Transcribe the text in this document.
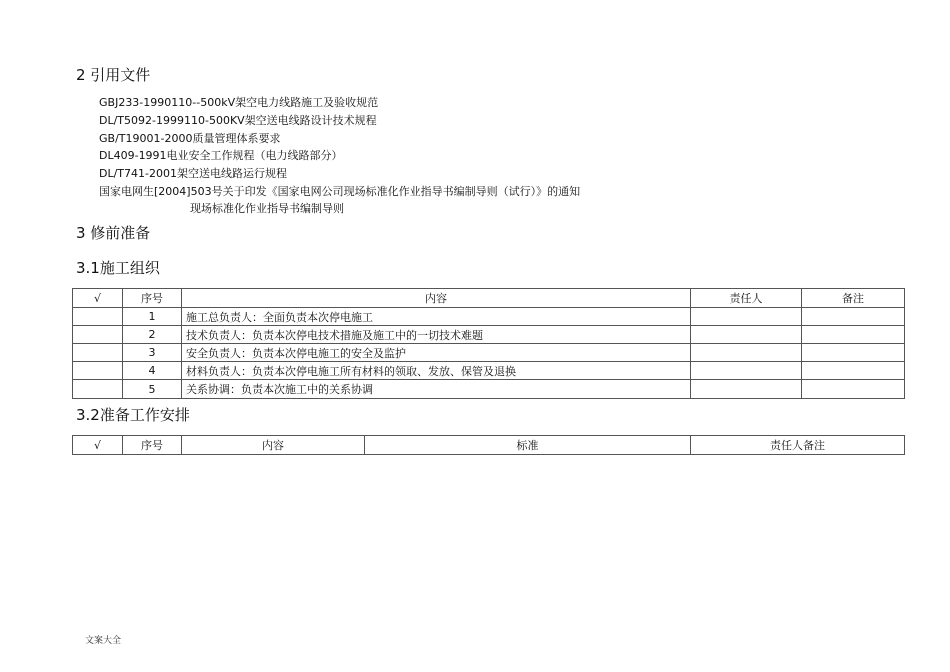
2 引用文件
GBJ233-1990110--500kV架空电力线路施工及验收规范
DL/T5092-1999110-500KV架空送电线路设计技术规程
GB/T19001-2000质量管理体系要求
DL409-1991电业安全工作规程（电力线路部分）
DL/T741-2001架空送电线路运行规程
国家电网生[2004]503号关于印发《国家电网公司现场标准化作业指导书编制导则（试行）》的通知
现场标准化作业指导书编制导则
3 修前准备
3.1施工组织
√	序号	内容	责任人	备注
	1	施工总负责人：全面负责本次停电施工		
	2	技术负责人：负责本次停电技术措施及施工中的一切技术难题		
	3	安全负责人：负责本次停电施工的安全及监护		
	4	材料负责人：负责本次停电施工所有材料的领取、发放、保管及退换		
	5	关系协调：负责本次施工中的关系协调		
3.2准备工作安排
√	序号	内容	标准	责任人备注
文案大全
